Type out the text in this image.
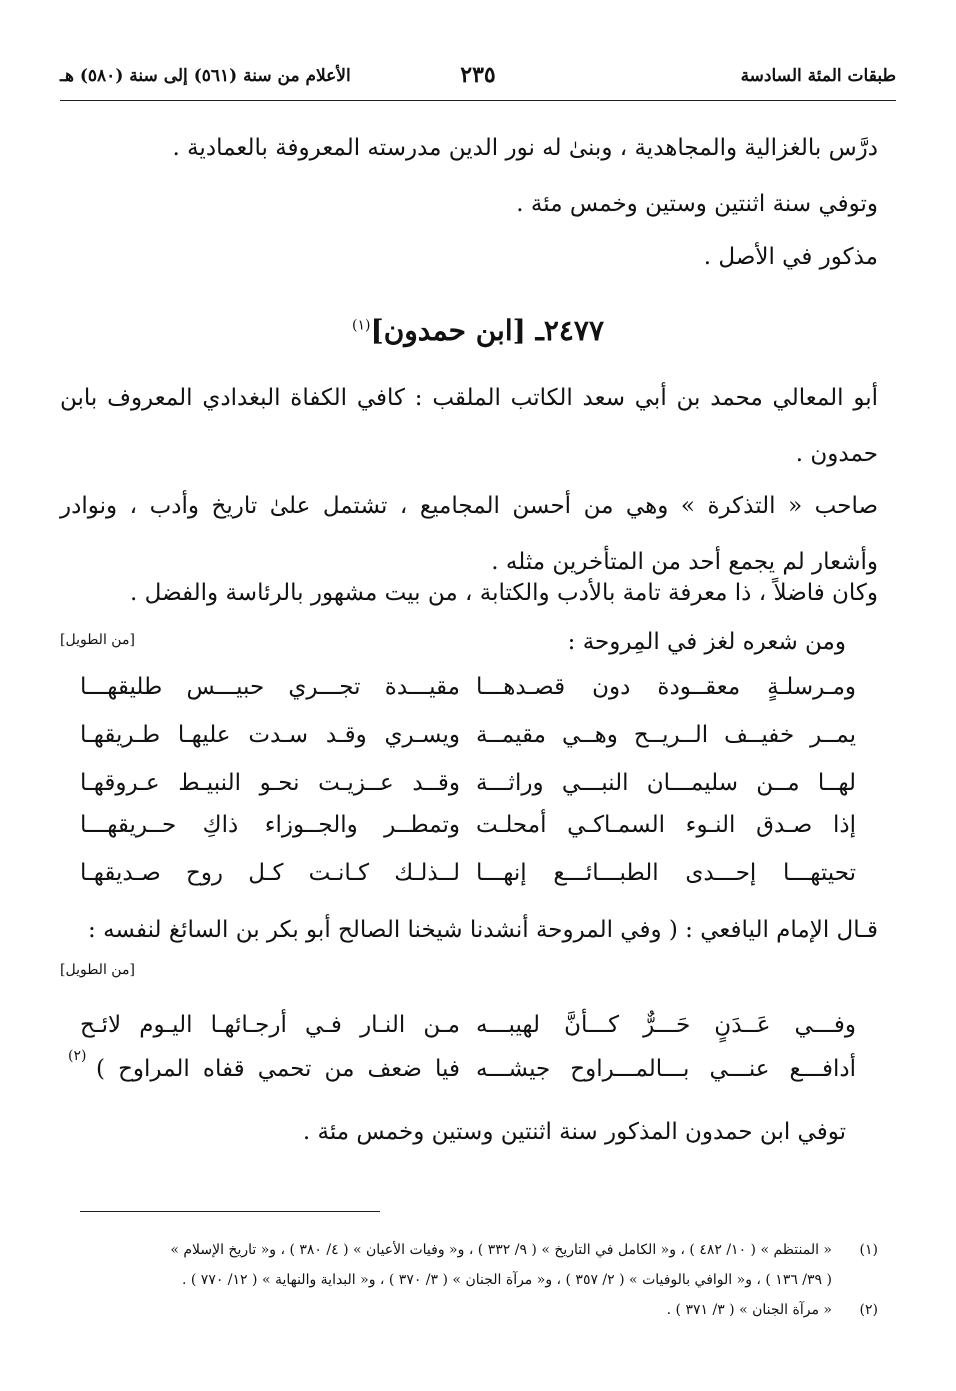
طبقات المئة السادسة
٢٣٥
الأعلام من سنة (٥٦١) إلى سنة (٥٨٠) هـ
درَّس بالغزالية والمجاهدية ، وبنىٰ له نور الدين مدرسته المعروفة بالعمادية .
وتوفي سنة اثنتين وستين وخمس مئة .
مذكور في الأصل .
٢٤٧٧ـ [ابن حمدون]$^{(١)}$
أبو المعالي محمد بن أبي سعد الكاتب الملقب : كافي الكفاة البغدادي المعروف بابن حمدون .
صاحب « التذكرة » وهي من أحسن المجاميع ، تشتمل علىٰ تاريخ وأدب ، ونوادر وأشعار لم يجمع أحد من المتأخرين مثله .
وكان فاضلاً ، ذا معرفة تامة بالأدب والكتابة ، من بيت مشهور بالرئاسة والفضل .
ومن شعره لغز في المِروحة :
[من الطويل]
ومـرسلـةٍ معقــودة دون قصـدهـــا
مقيـــدة تجـــري حبيـــس طليقهـــا
يمــر خفيــف الــريــح وهــي مقيمــة
ويسـري وقـد سـدت عليهـا طـريقهـا
لهــا مــن سليمـــان النبـــي وراثـــة
وقــد عــزيـت نحـو النبيـط عـروقهـا
إذا صـدق النـوء السمـاكـي أمحلـت
وتمطــر والجــوزاء ذاكِ حــريقهـــا
تحيتهـــا إحـــدى الطبـــائـــع إنهـــا
لــذلـك كـانـت كـل روح صـديقهـا
قـال الإمام اليافعي : ( وفي المروحة أنشدنا شيخنا الصالح أبو بكر بن السائغ لنفسه :
[من الطويل]
وفـــي عَــدَنٍ حَـــرٌّ كـــأنَّ لهيبـــه
مـن النـار فـي أرجـائهـا اليـوم لائـح
أدافـــع عنـــي بـــالمـــراوح جيشـــه
فيا ضعف من تحمي قفاه المراوح )
(٢)
توفي ابن حمدون المذكور سنة اثنتين وستين وخمس مئة .
(١)« المنتظم » ( ١٠/ ٤٨٢ ) ، و« الكامل في التاريخ » ( ٩/ ٣٣٢ ) ، و« وفيات الأعيان » ( ٤/ ٣٨٠ ) ، و« تاريخ الإسلام »
( ٣٩/ ١٣٦ ) ، و« الوافي بالوفيات » ( ٢/ ٣٥٧ ) ، و« مرآة الجنان » ( ٣/ ٣٧٠ ) ، و« البداية والنهاية » ( ١٢/ ٧٧٠ ) .
(٢)« مرآة الجنان » ( ٣/ ٣٧١ ) .
